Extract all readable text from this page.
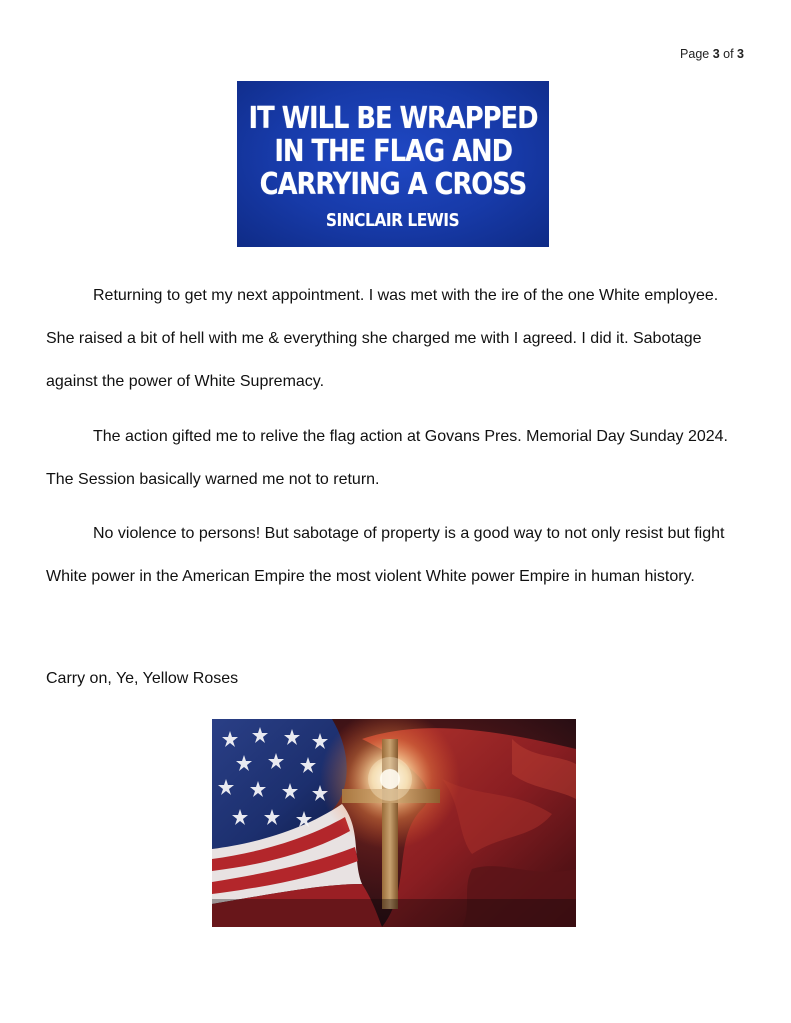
Page 3 of 3
IT WILL BE WRAPPED
IN THE FLAG AND
CARRYING A CROSS
SINCLAIR LEWIS

Returning to get my next appointment. I was met with the ire of the one White employee. She raised a bit of hell with me & everything she charged me with I agreed. I did it. Sabotage against the power of White Supremacy.

The action gifted me to relive the flag action at Govans Pres. Memorial Day Sunday 2024. The Session basically warned me not to return.

No violence to persons! But sabotage of property is a good way to not only resist but fight White power in the American Empire the most violent White power Empire in human history.

Carry on, Ye, Yellow Roses
